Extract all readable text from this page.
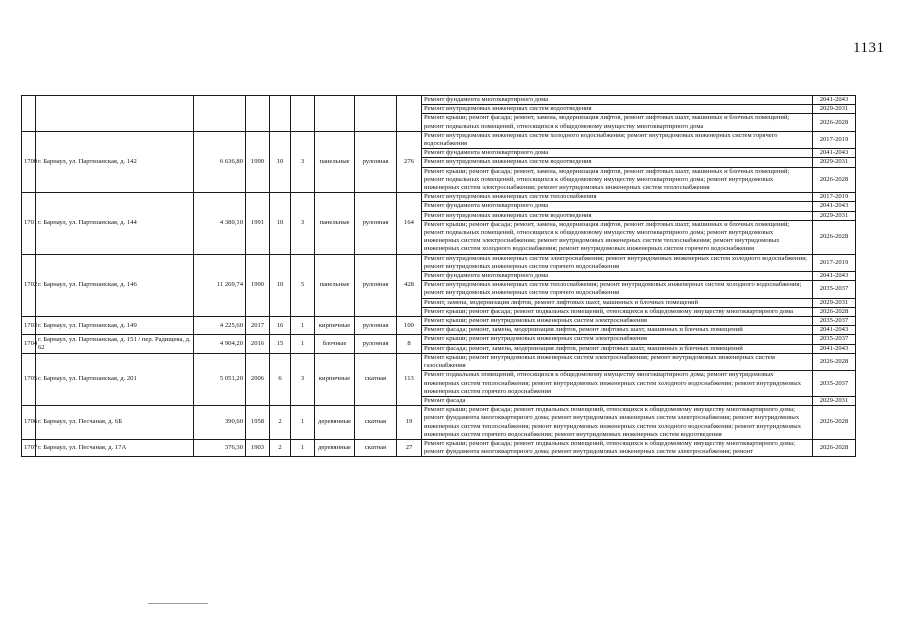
1131
									Ремонт фундамента многоквартирного дома	2041-2043
									Ремонт внутридомовых инженерных систем водоотведения	2029-2031
									Ремонт крыши; ремонт фасада; ремонт, замена, модернизация лифтов, ремонт лифтовых шахт, машинных и блочных помещений; ремонт подвальных помещений, относящихся к общедомовому имуществу многоквартирного дома	2026-2028
1700	г. Барнаул, ул. Партизанская, д. 142	6 636,80	1990	10	3	панельные	рулонная	276	Ремонт внутридомовых инженерных систем холодного водоснабжения; ремонт внутридомовых инженерных систем горячего водоснабжения	2017-2019
									Ремонт фундамента многоквартирного дома	2041-2043
									Ремонт внутридомовых инженерных систем водоотведения	2029-2031
									Ремонт крыши; ремонт фасада; ремонт, замена, модернизация лифтов, ремонт лифтовых шахт, машинных и блочных помещений; ремонт подвальных помещений, относящихся к общедомовому имуществу многоквартирного дома; ремонт внутридомовых инженерных систем электроснабжения; ремонт внутридомовых инженерных систем теплоснабжения	2026-2028
1701	г. Барнаул, ул. Партизанская, д. 144	4 380,10	1991	10	3	панельные	рулонная	164	Ремонт внутридомовых инженерных систем теплоснабжения	2017-2019
									Ремонт фундамента многоквартирного дома	2041-2043
									Ремонт внутридомовых инженерных систем водоотведения	2029-2031
									Ремонт крыши; ремонт фасада; ремонт, замена, модернизация лифтов, ремонт лифтовых шахт, машинных и блочных помещений; ремонт подвальных помещений, относящихся к общедомовому имуществу многоквартирного дома; ремонт внутридомовых инженерных систем электроснабжения; ремонт внутридомовых инженерных систем теплоснабжения; ремонт внутридомовых инженерных систем холодного водоснабжения; ремонт внутридомовых инженерных систем горячего водоснабжения	2026-2028
1702	г. Барнаул, ул. Партизанская, д. 146	11 269,74	1990	10	5	панельные	рулонная	428	Ремонт внутридомовых инженерных систем электроснабжения; ремонт внутридомовых инженерных систем холодного водоснабжения; ремонт внутридомовых инженерных систем горячего водоснабжения	2017-2019
									Ремонт фундамента многоквартирного дома	2041-2043
									Ремонт внутридомовых инженерных систем теплоснабжения; ремонт внутридомовых инженерных систем холодного водоснабжения; ремонт внутридомовых инженерных систем горячего водоснабжения	2035-2037
									Ремонт, замена, модернизация лифтов, ремонт лифтовых шахт, машинных и блочных помещений	2029-2031
									Ремонт крыши; ремонт фасада; ремонт подвальных помещений, относящихся к общедомовому имуществу многоквартирного дома	2026-2028
1703	г. Барнаул, ул. Партизанская, д. 149	4 225,60	2017	16	1	кирпичные	рулонная	100	Ремонт крыши; ремонт внутридомовых инженерных систем электроснабжения	2035-2037
									Ремонт фасада; ремонт, замена, модернизация лифтов, ремонт лифтовых шахт, машинных и блочных помещений	2041-2043
1704	г. Барнаул, ул. Партизанская, д. 151 / пер. Радищева, д. 62	4 904,20	2016	15	1	блочные	рулонная	8	Ремонт крыши; ремонт внутридомовых инженерных систем электроснабжения	2035-2037
									Ремонт фасада; ремонт, замена, модернизация лифтов, ремонт лифтовых шахт, машинных и блочных помещений	2041-2043
1705	г. Барнаул, ул. Партизанская, д. 201	5 051,20	2006	6	3	кирпичные	скатная	113	Ремонт крыши; ремонт внутридомовых инженерных систем электроснабжения; ремонт внутридомовых инженерных систем газоснабжения	2026-2028
									Ремонт подвальных помещений, относящихся к общедомовому имуществу многоквартирного дома; ремонт внутридомовых инженерных систем теплоснабжения; ремонт внутридомовых инженерных систем холодного водоснабжения; ремонт внутридомовых инженерных систем горячего водоснабжения	2035-2037
									Ремонт фасада	2029-2031
1706	г. Барнаул, ул. Песчаная, д. 6Б	390,60	1958	2	1	деревянные	скатная	19	Ремонт крыши; ремонт фасада; ремонт подвальных помещений, относящихся к общедомовому имуществу многоквартирного дома; ремонт фундамента многоквартирного дома; ремонт внутридомовых инженерных систем электроснабжения; ремонт внутридомовых инженерных систем теплоснабжения; ремонт внутридомовых инженерных систем холодного водоснабжения; ремонт внутридомовых инженерных систем горячего водоснабжения; ремонт внутридомовых инженерных систем водоотведения	2026-2028
1707	г. Барнаул, ул. Песчаная, д. 17А	376,30	1903	2	1	деревянные	скатная	27	Ремонт крыши; ремонт фасада; ремонт подвальных помещений, относящихся к общедомовому имуществу многоквартирного дома; ремонт фундамента многоквартирного дома; ремонт внутридомовых инженерных систем электроснабжения; ремонт	2026-2028
